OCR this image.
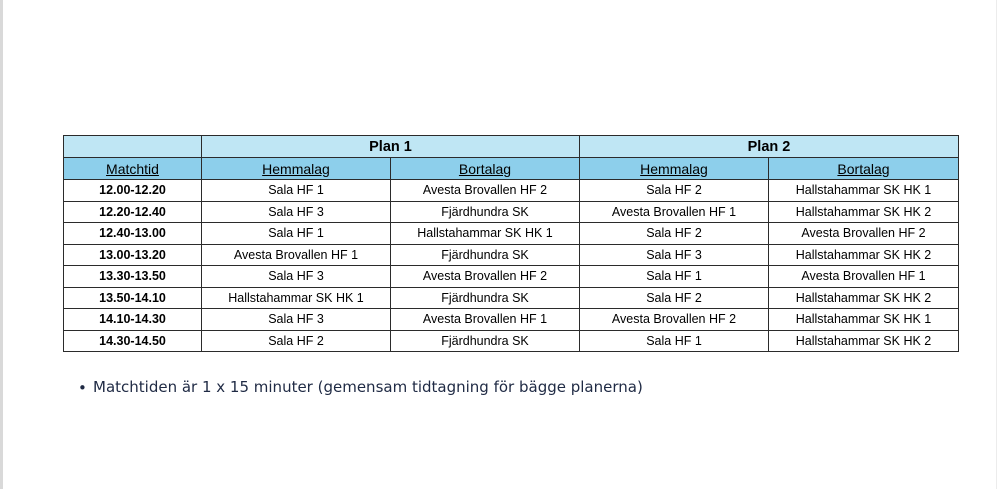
	Plan 1		Plan 2	
Matchtid	Hemmalag	Bortalag	Hemmalag	Bortalag
12.00-12.20	Sala HF 1	Avesta Brovallen HF 2	Sala HF 2	Hallstahammar SK HK 1
12.20-12.40	Sala HF 3	Fjärdhundra SK	Avesta Brovallen HF 1	Hallstahammar SK HK 2
12.40-13.00	Sala HF 1	Hallstahammar SK HK 1	Sala HF 2	Avesta Brovallen HF 2
13.00-13.20	Avesta Brovallen HF 1	Fjärdhundra SK	Sala HF 3	Hallstahammar SK HK 2
13.30-13.50	Sala HF 3	Avesta Brovallen HF 2	Sala HF 1	Avesta Brovallen HF 1
13.50-14.10	Hallstahammar SK HK 1	Fjärdhundra SK	Sala HF 2	Hallstahammar SK HK 2
14.10-14.30	Sala HF 3	Avesta Brovallen HF 1	Avesta Brovallen HF 2	Hallstahammar SK HK 1
14.30-14.50	Sala HF 2	Fjärdhundra SK	Sala HF 1	Hallstahammar SK HK 2
• Matchtiden är 1 x 15 minuter (gemensam tidtagning för bägge planerna)
